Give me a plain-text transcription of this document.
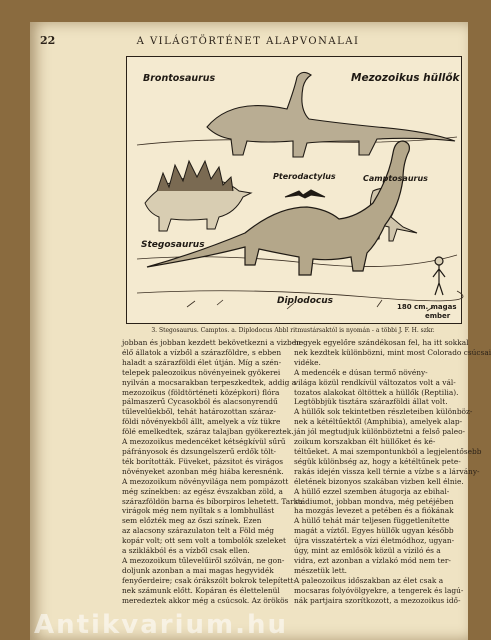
22	A VILÁGTÖRTÉNET ALAPVONALAI
Brontosaurus	Mezozoikus hüllők
Pterodactylus	Camptosaurus
Stegosaurus
Diplodocus
180 cm. magas
ember
3. Stegosaurus. Camptos. a. Diplodocus Abbl ritmustársaktól is nyomán - a többi J. F. H. szkr.
jobban és jobban kezdett bekövetkezni a vizben-
élő állatok a vízből a szárazföldre, s ebben
haladt a szárazföldi élet útján. Míg a szén-
telepek paleozoikus növényeinek gyökerei
nyilván a mocsarakban terpeszkedtek, addig a
mezozoikus (földtörténeti középkori) flóra
pálmaszerű Cycasokból és alacsonyrendű
tűlevelűekből, tehát határozottan száraz-
földi növényekből állt, amelyek a víz tükre
fölé emelkedtek, száraz talajban gyökereztek.
A mezozoikus medencéket kétségkívül sűrű
páfrányosok és dzsungelszerű erdők tölt-
ték borították. Füveket, pázsitot és virágos
növényeket azonban még hiába keresnénk.
A mezozoikum növényvilága nem pompázott
még színekben: az egész évszakban zöld, a
szárazföldön barna és bíborpiros lehetett. Tarka
virágok még nem nyíltak s a lombhullást
sem előzték meg az őszi színek. Ezen
az alacsony szárazulaton telt a Föld még
kopár volt; ott sem volt a tombolók szeleket
a sziklákból és a vízből csak ellen.
A mezozoikum tűlevelűiről szólván, ne gon-
doljunk azonban a mai magas hegyvidék
fenyőerdeire; csak órákszólt bokrok telepített-
nek számunk előtt. Kopáran és élettelenül
meredeztek akkor még a csúcsok. Az örökös
hegyek egyelőre szándékosan fel, ha itt sokkal
nek kezdtek különbözni, mint most Colorado csúcsai
vidéke.
A medencék e dúsan termő növény-
világa közül rendkívül változatos volt a vál-
tozatos alakokat öltöttek a hüllők (Reptilia).
Legtöbbjük tisztára szárazföldi állat volt.
A hüllők sok tekintetben részleteiben különböz-
nek a kétéltűektől (Amphibia), amelyek alap-
ján jól megtudjuk különböztetni a felső paleo-
zoikum korszakban élt hüllőket és ké-
téltűeket. A mai szempontunkból a legjelentősebb
ségük különbség az, hogy a kétéltűnek pete-
rakás idején vissza kell térnie a vízbe s a lárvány-
életének bizonyos szakában vizben kell élnie.
A hüllő ezzel szemben átugorja az ebihal-
stádiumot, jobban mondva, még petéjében
ha mozgás levezet a petében és a fiókának
A hüllő tehát már teljesen függetlenítette
magát a víztől. Egyes hüllők ugyan később
újra visszatértek a vízi életmódhoz, ugyan-
úgy, mint az emlősök közül a víziló és a
vidra, ezt azonban a vízlakó mód nem ter-
mészetük lett.
A paleozoikus időszakban az élet csak a
mocsaras folyóvölgyekre, a tengerek és lagú-
nák partjaira szorítkozott, a mezozoikus idő-
Antikvarium.hu
